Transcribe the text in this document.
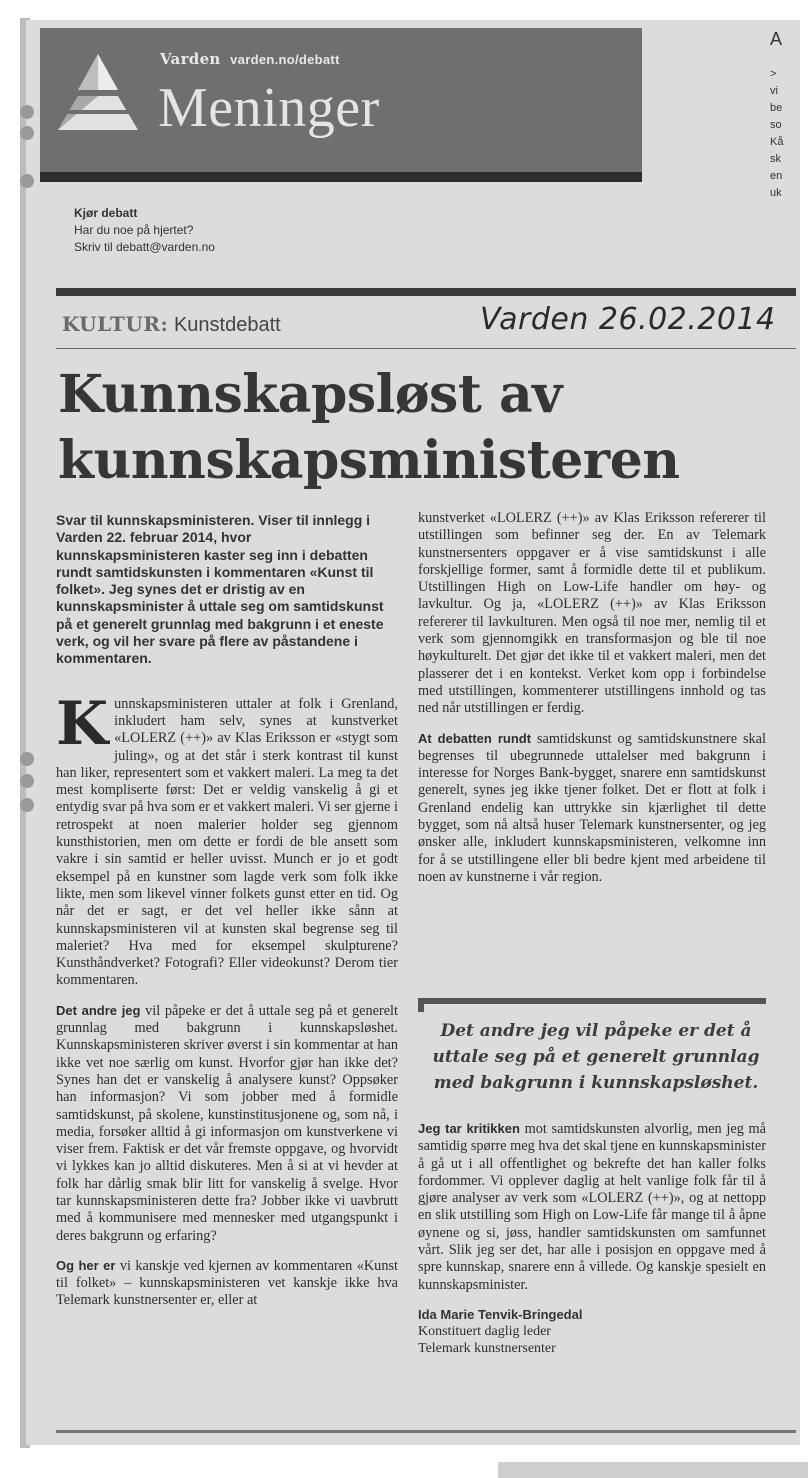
Varden varden.no/debatt
Meninger
A
>
vi
be
so
Kå
sk
en
uk
Kjør debatt
Har du noe på hjertet?
Skriv til debatt@varden.no
KULTUR: Kunstdebatt	Varden 26.02.2014
Kunnskapsløst av kunnskapsministeren

Svar til kunnskapsministeren. Viser til innlegg i Varden 22. februar 2014, hvor kunnskapsministeren kaster seg inn i debatten rundt samtidskunsten i kommentaren «Kunst til folket». Jeg synes det er dristig av en kunnskapsminister å uttale seg om samtidskunst på et generelt grunnlag med bakgrunn i et eneste verk, og vil her svare på flere av påstandene i kommentaren.

Kunnskapsministeren uttaler at folk i Grenland, inkludert ham selv, synes at kunstverket «LOLERZ (++)» av Klas Eriksson er «stygt som juling», og at det står i sterk kontrast til kunst han liker, representert som et vakkert maleri. La meg ta det mest kompliserte først: Det er veldig vanskelig å gi et entydig svar på hva som er et vakkert maleri. Vi ser gjerne i retrospekt at noen malerier holder seg gjennom kunsthistorien, men om dette er fordi de ble ansett som vakre i sin samtid er heller uvisst. Munch er jo et godt eksempel på en kunstner som lagde verk som folk ikke likte, men som likevel vinner folkets gunst etter en tid. Og når det er sagt, er det vel heller ikke sånn at kunnskapsministeren vil at kunsten skal begrense seg til maleriet? Hva med for eksempel skulpturene? Kunsthåndverket? Fotografi? Eller videokunst? Derom tier kommentaren.

Det andre jeg vil påpeke er det å uttale seg på et generelt grunnlag med bakgrunn i kunnskapsløshet. Kunnskapsministeren skriver øverst i sin kommentar at han ikke vet noe særlig om kunst. Hvorfor gjør han ikke det? Synes han det er vanskelig å analysere kunst? Oppsøker han informasjon? Vi som jobber med å formidle samtidskunst, på skolene, kunstinstitusjonene og, som nå, i media, forsøker alltid å gi informasjon om kunstverkene vi viser frem. Faktisk er det vår fremste oppgave, og hvorvidt vi lykkes kan jo alltid diskuteres. Men å si at vi hevder at folk har dårlig smak blir litt for vanskelig å svelge. Hvor tar kunnskapsministeren dette fra? Jobber ikke vi uavbrutt med å kommunisere med mennesker med utgangspunkt i deres bakgrunn og erfaring?

Og her er vi kanskje ved kjernen av kommentaren «Kunst til folket» – kunnskapsministeren vet kanskje ikke hva Telemark kunstnersenter er, eller at

kunstverket «LOLERZ (++)» av Klas Eriksson refererer til utstillingen som befinner seg der. En av Telemark kunstnersenters oppgaver er å vise samtidskunst i alle forskjellige former, samt å formidle dette til et publikum. Utstillingen High on Low-Life handler om høy- og lavkultur. Og ja, «LOLERZ (++)» av Klas Eriksson refererer til lavkulturen. Men også til noe mer, nemlig til et verk som gjennomgikk en transformasjon og ble til noe høykulturelt. Det gjør det ikke til et vakkert maleri, men det plasserer det i en kontekst. Verket kom opp i forbindelse med utstillingen, kommenterer utstillingens innhold og tas ned når utstillingen er ferdig.

At debatten rundt samtidskunst og samtidskunstnere skal begrenses til ubegrunnede uttalelser med bakgrunn i interesse for Norges Bank-bygget, snarere enn samtidskunst generelt, synes jeg ikke tjener folket. Det er flott at folk i Grenland endelig kan uttrykke sin kjærlighet til dette bygget, som nå altså huser Telemark kunstnersenter, og jeg ønsker alle, inkludert kunnskapsministeren, velkomne inn for å se utstillingene eller bli bedre kjent med arbeidene til noen av kunstnerne i vår region.

Det andre jeg vil påpeke er det å uttale seg på et generelt grunnlag med bakgrunn i kunnskapsløshet.

Jeg tar kritikken mot samtidskunsten alvorlig, men jeg må samtidig spørre meg hva det skal tjene en kunnskapsminister å gå ut i all offentlighet og bekrefte det han kaller folks fordommer. Vi opplever daglig at helt vanlige folk får til å gjøre analyser av verk som «LOLERZ (++)», og at nettopp en slik utstilling som High on Low-Life får mange til å åpne øynene og si, jøss, handler samtidskunsten om samfunnet vårt. Slik jeg ser det, har alle i posisjon en oppgave med å spre kunnskap, snarere enn å villede. Og kanskje spesielt en kunnskapsminister.

Ida Marie Tenvik-Bringedal
Konstituert daglig leder
Telemark kunstnersenter
